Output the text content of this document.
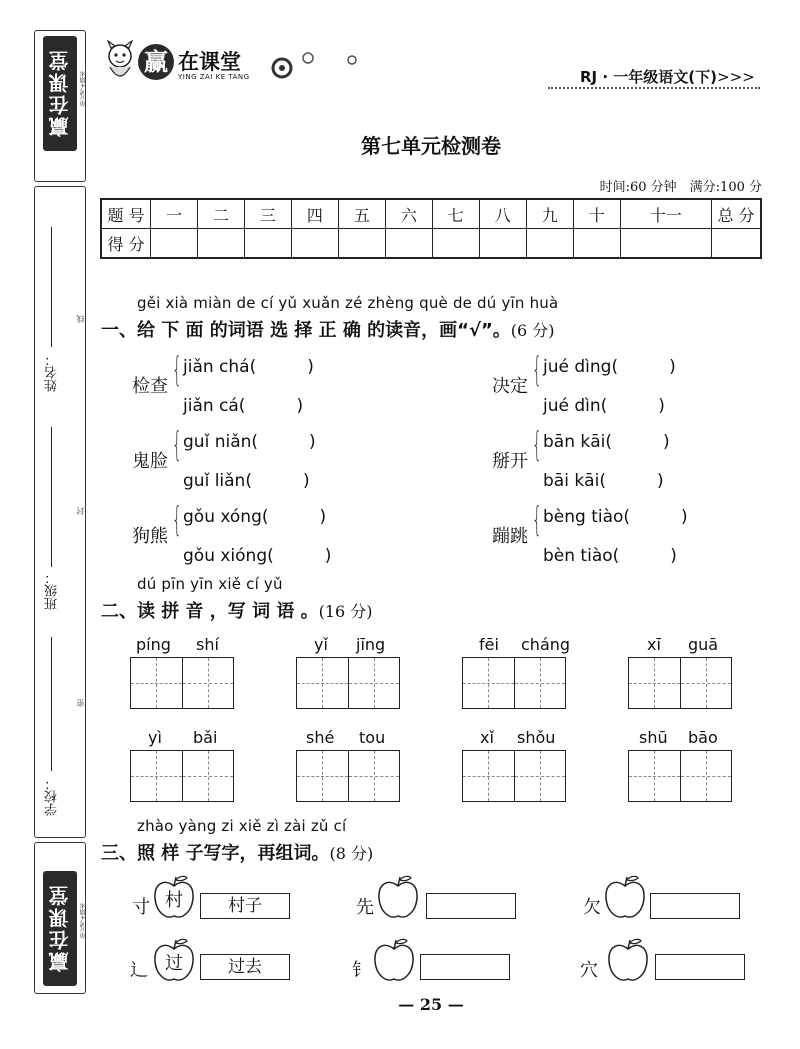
赢在课堂	单元考+期末
姓名：
班级：
学校：
线
封
密
赢在课堂	单元考+期末
赢 在课堂
YING ZAI KE TANG	RJ · 一年级语文(下)>>>
第七单元检测卷
时间:60 分钟　满分:100 分
题 号	一	二	三	四	五	六	七	八	九	十	十一	总 分
得 分												
gěi xià miàn de cí yǔ xuǎn zé zhèng què de dú yīn huà
一、给 下 面 的词语 选 择 正 确 的读音，画“√”。(6 分)
检查 { jiǎn chá(　　　)
jiǎn cá(　　　)
决定 { jué dìng(　　　)
jué dìn(　　　)
鬼脸 { guǐ niǎn(　　　)
guǐ liǎn(　　　)
掰开 { bān kāi(　　　)
bāi kāi(　　　)
狗熊 { gǒu xóng(　　　)
gǒu xióng(　　　)
蹦跳 { bèng tiào(　　　)
bèn tiào(　　　)
dú pīn yīn xiě cí yǔ
二、读 拼 音 ，写 词 语 。(16 分)
píng shí	yǐ jīng	fēi cháng	xī guā
yì bǎi	shé tou	xǐ shǒu	shū bāo
zhào yàng zi xiě zì zài zǔ cí
三、照 样 子写字，再组词。(8 分)
寸 村	村子	先	欠
辶 过	过去	钅	穴
— 25 —
